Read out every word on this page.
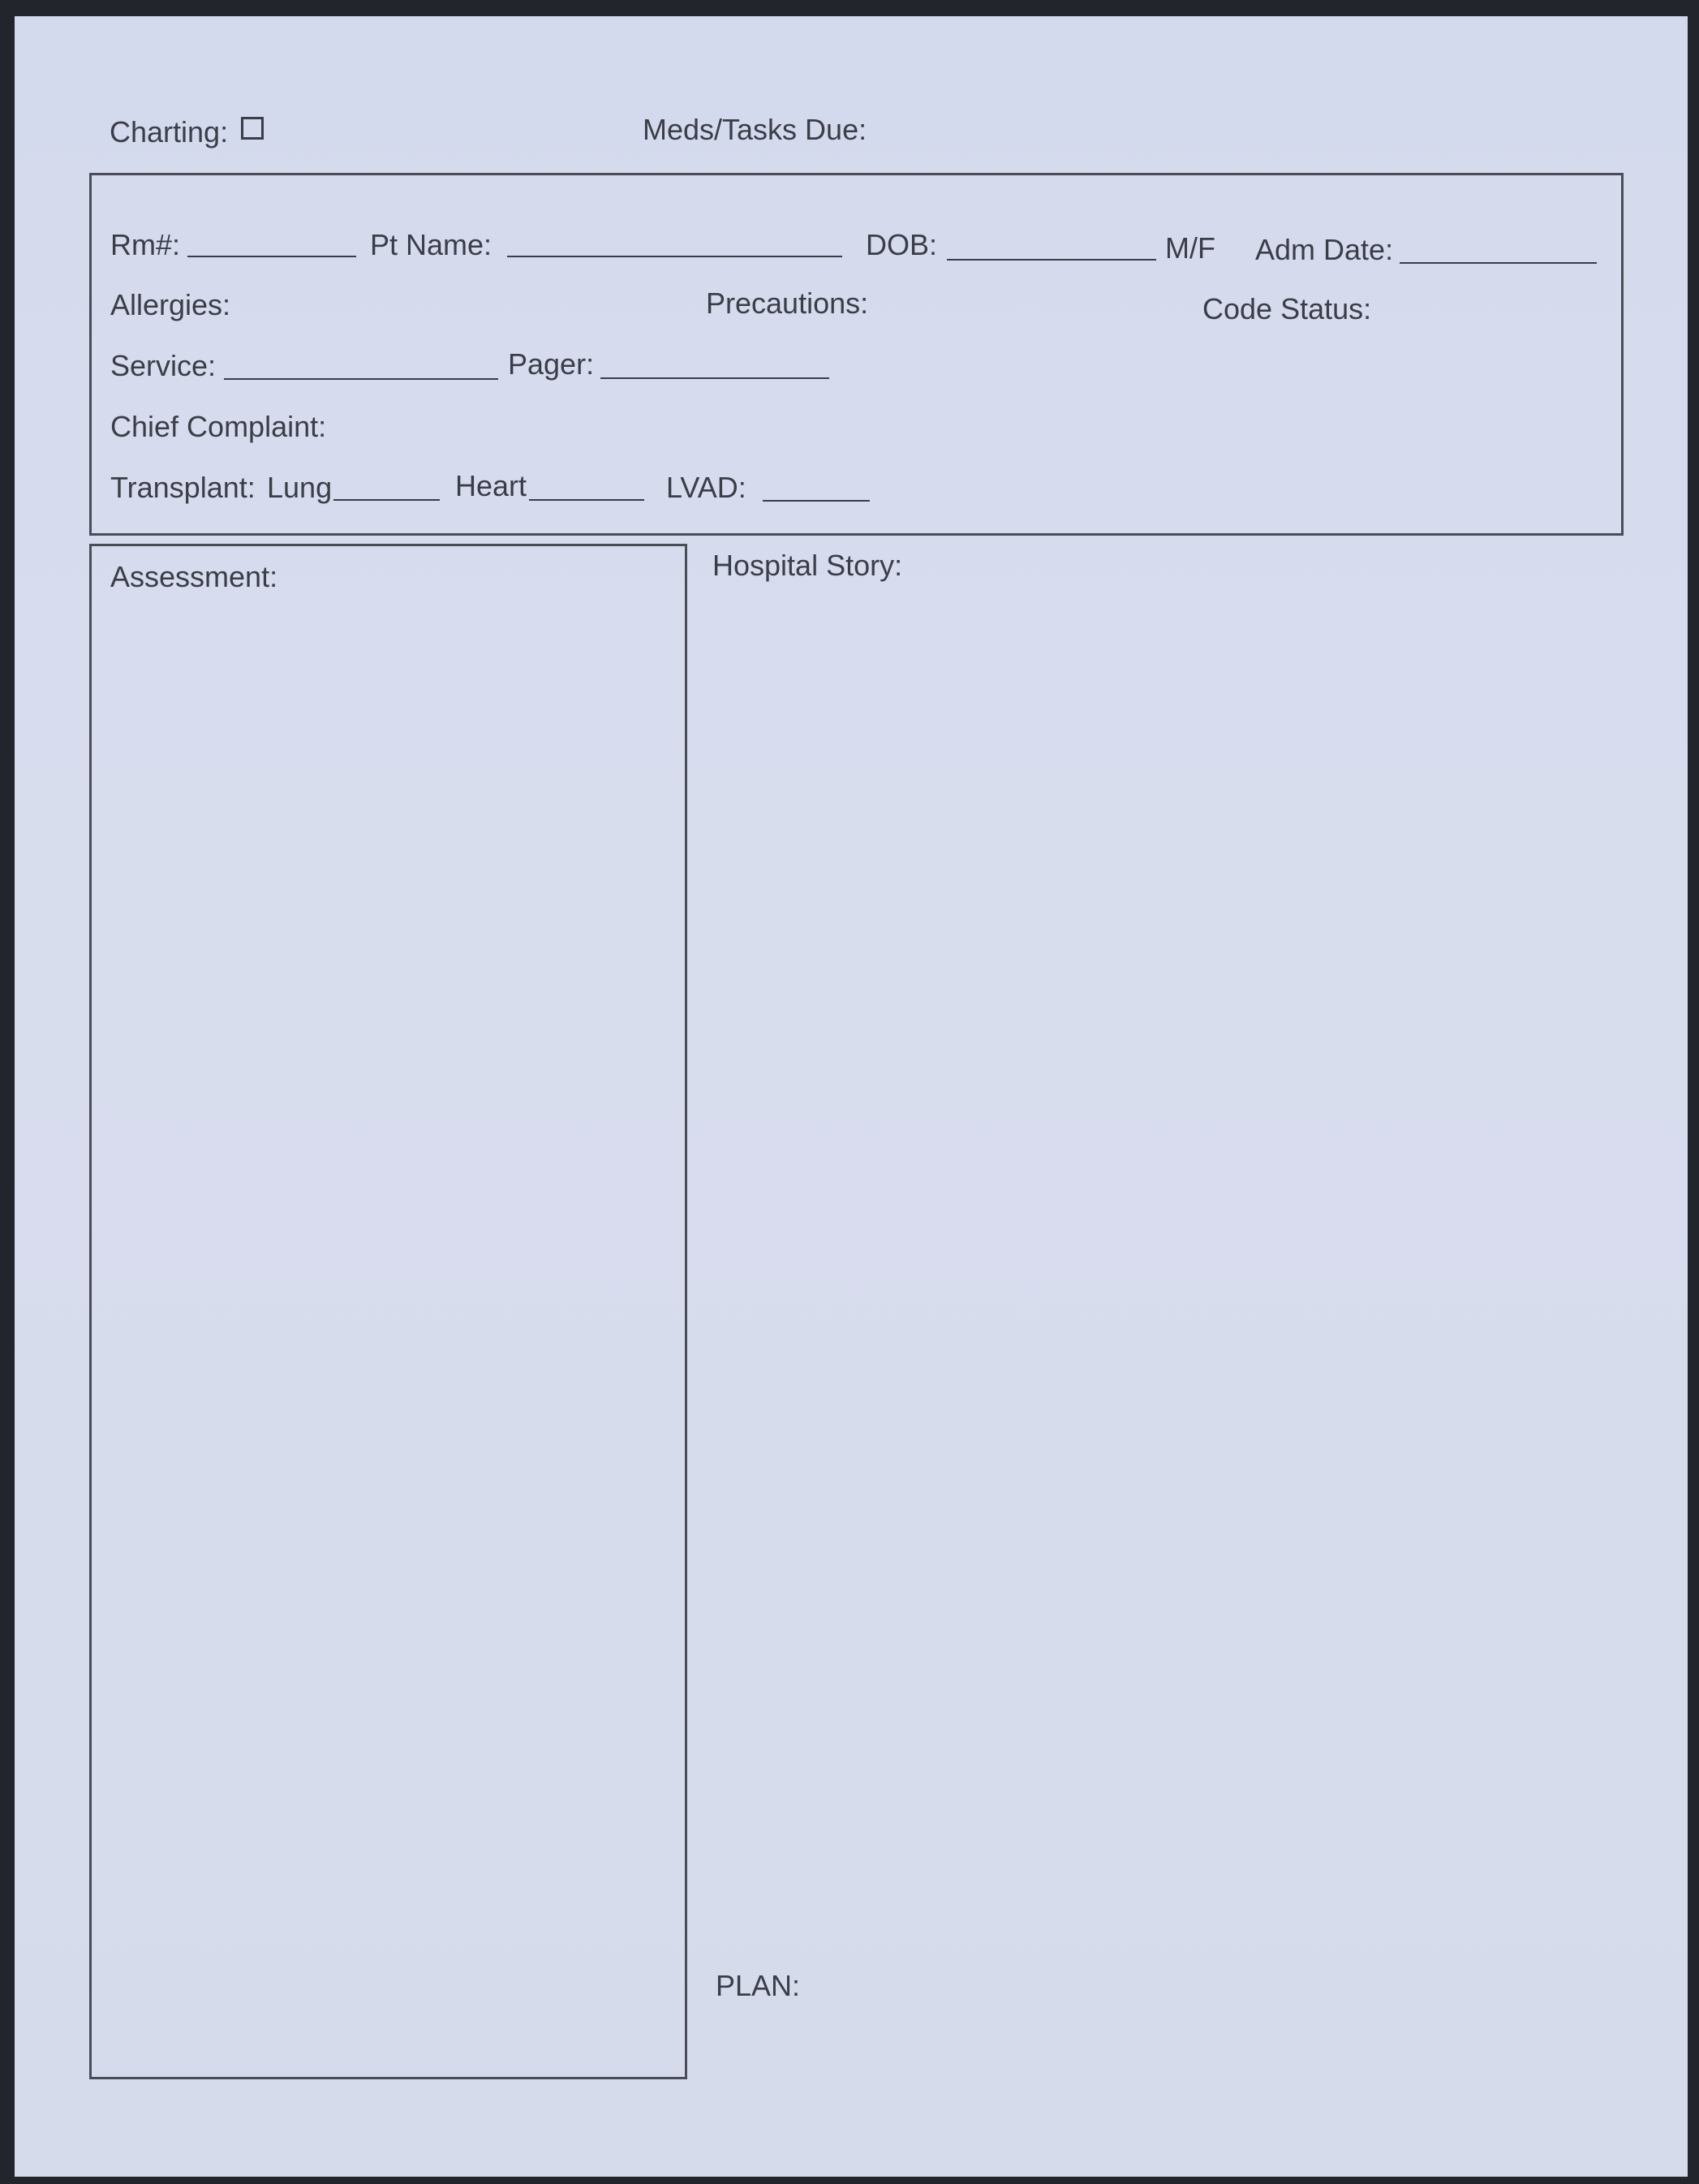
Charting:	Meds/Tasks Due:
Rm#:	Pt Name:	DOB:	M/F Adm Date:
Allergies:	Precautions:	Code Status:
Service:	Pager:
Chief Complaint:
Transplant: Lung	Heart	LVAD:
Assessment:	Hospital Story:
PLAN:
